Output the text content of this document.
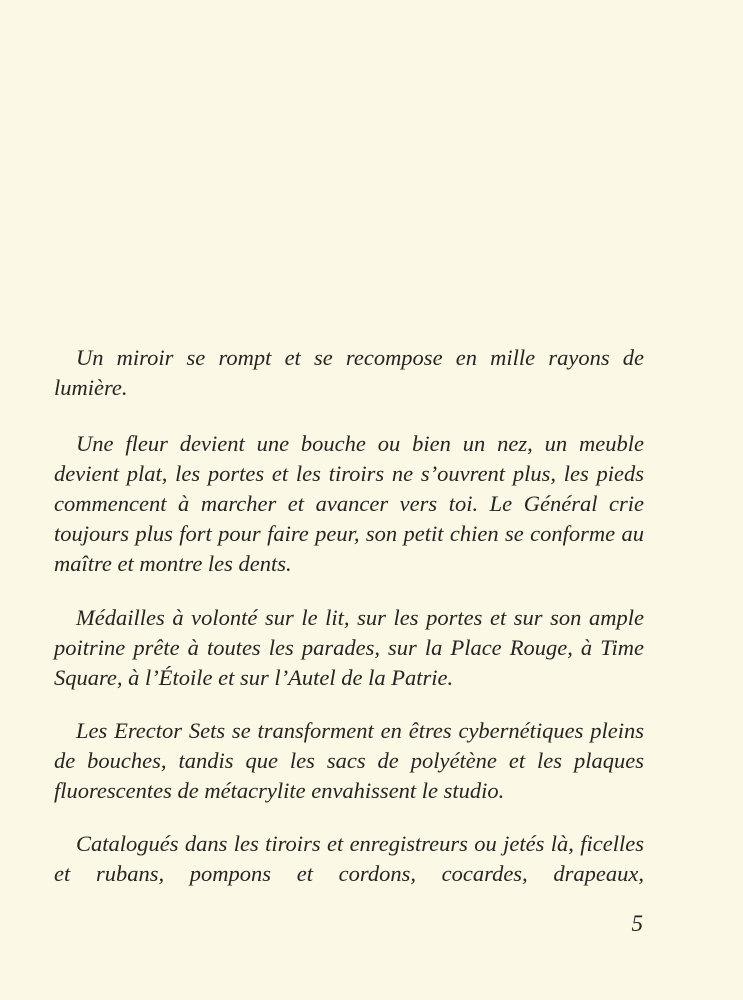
Un miroir se rompt et se recompose en mille rayons de lumière.

Une fleur devient une bouche ou bien un nez, un meuble devient plat, les portes et les tiroirs ne s’ouvrent plus, les pieds commencent à marcher et avancer vers toi. Le Général crie toujours plus fort pour faire peur, son petit chien se conforme au maître et montre les dents.

Médailles à volonté sur le lit, sur les portes et sur son ample poitrine prête à toutes les parades, sur la Place Rouge, à Time Square, à l’Étoile et sur l’Autel de la Patrie.

Les Erector Sets se transforment en êtres cybernétiques pleins de bouches, tandis que les sacs de polyétène et les plaques fluorescentes de métacrylite envahissent le studio.

Catalogués dans les tiroirs et enregistreurs ou jetés là, ficelles et rubans, pompons et cordons, cocardes, drapeaux,

5
